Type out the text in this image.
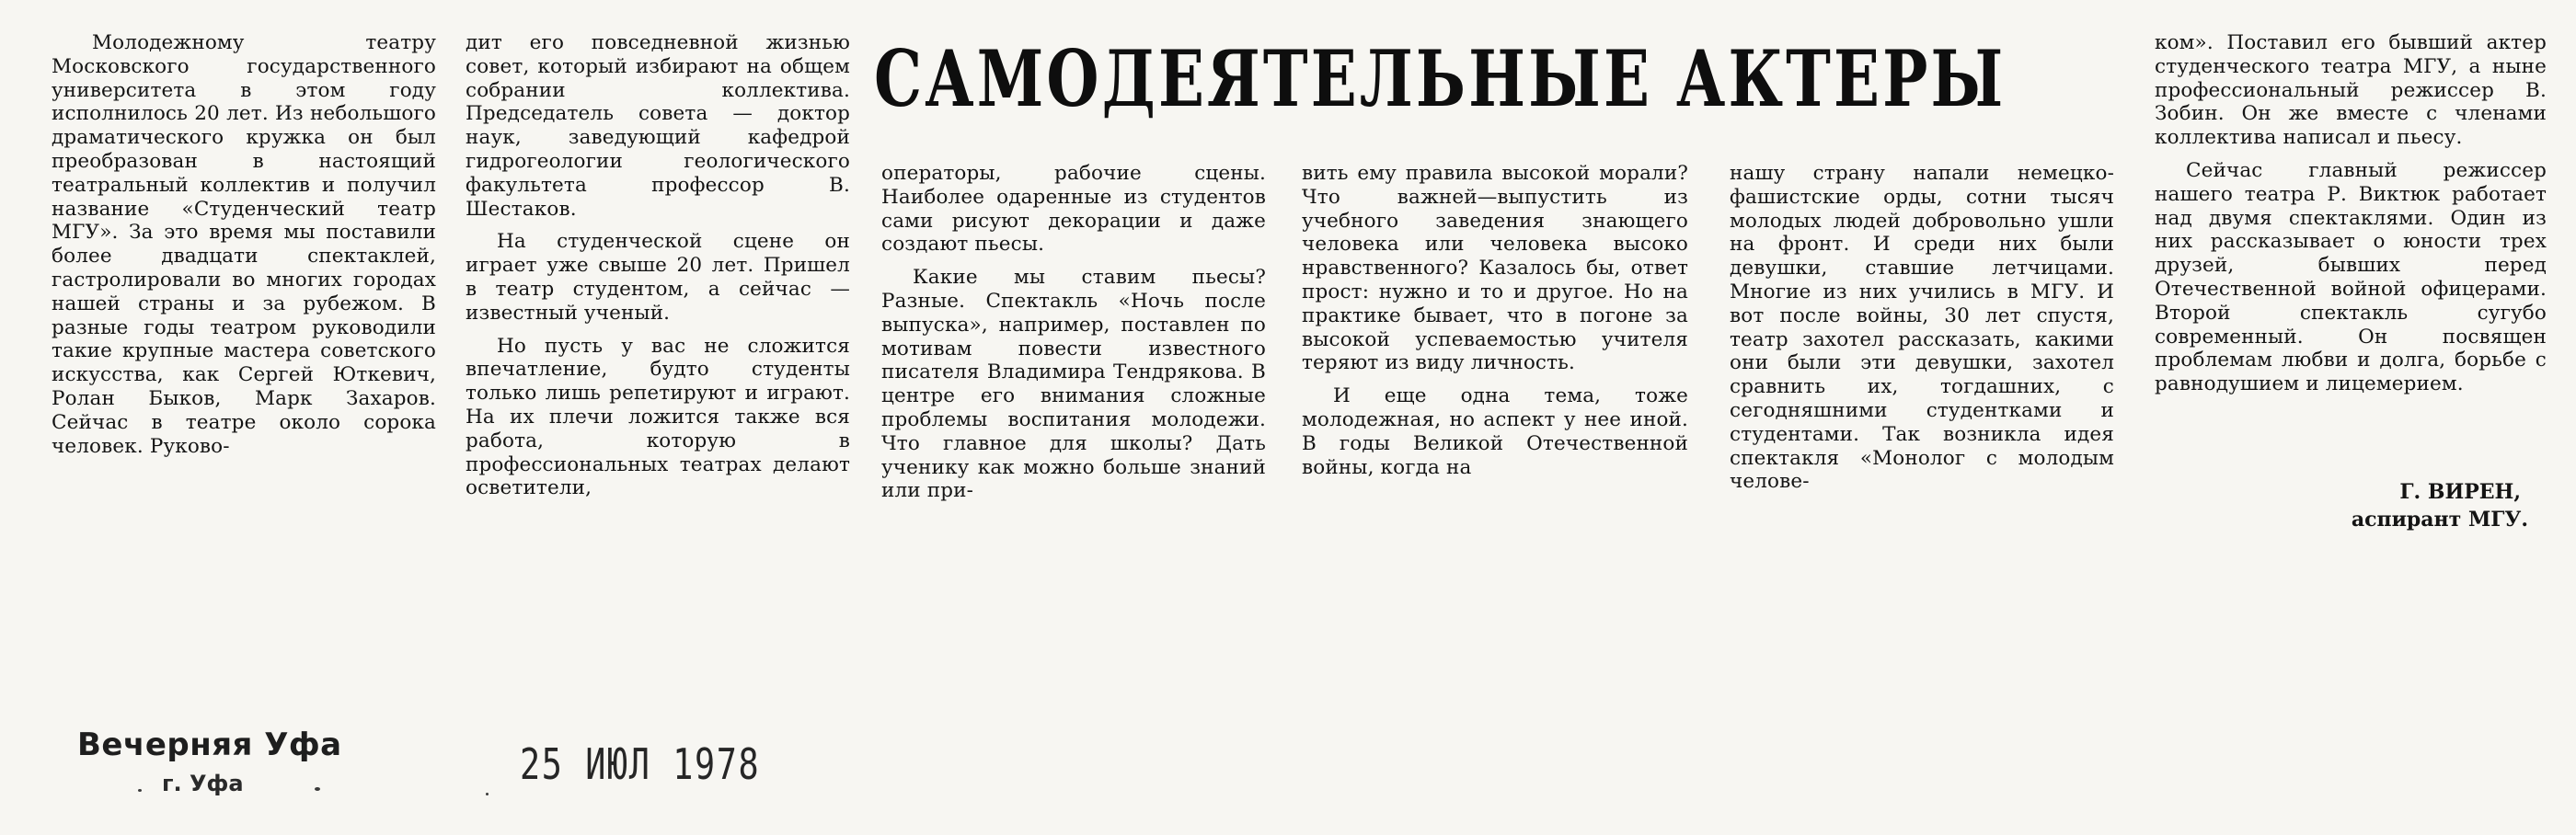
САМОДЕЯТЕЛЬНЫЕ АКТЕРЫ

Молодежному театру Московского государственного университета в этом году исполнилось 20 лет. Из небольшого драматического кружка он был преобразован в настоящий театральный коллектив и получил название «Студенческий театр МГУ». За это время мы поставили более двадцати спектаклей, гастролировали во многих городах нашей страны и за рубежом. В разные годы театром руководили такие крупные мастера советского искусства, как Сергей Юткевич, Ролан Быков, Марк Захаров. Сейчас в театре около сорока человек. Руково-

дит его повседневной жизнью совет, который избирают на общем собрании коллектива. Председатель совета — доктор наук, заведующий кафедрой гидрогеологии геологического факультета профессор В. Шестаков.

На студенческой сцене он играет уже свыше 20 лет. Пришел в театр студентом, а сейчас — известный ученый.

Но пусть у вас не сложится впечатление, будто студенты только лишь репетируют и играют. На их плечи ложится также вся работа, которую в профессиональных театрах делают осветители,

операторы, рабочие сцены. Наиболее одаренные из студентов сами рисуют декорации и даже создают пьесы.

Какие мы ставим пьесы? Разные. Спектакль «Ночь после выпуска», например, поставлен по мотивам повести известного писателя Владимира Тендрякова. В центре его внимания сложные проблемы воспитания молодежи. Что главное для школы? Дать ученику как можно больше знаний или при-

вить ему правила высокой морали? Что важней—выпустить из учебного заведения знающего человека или человека высоко нравственного? Казалось бы, ответ прост: нужно и то и другое. Но на практике бывает, что в погоне за высокой успеваемостью учителя теряют из виду личность.

И еще одна тема, тоже молодежная, но аспект у нее иной. В годы Великой Отечественной войны, когда на

нашу страну напали немецко-фашистские орды, сотни тысяч молодых людей добровольно ушли на фронт. И среди них были девушки, ставшие летчицами. Многие из них учились в МГУ. И вот после войны, 30 лет спустя, театр захотел рассказать, какими они были эти девушки, захотел сравнить их, тогдашних, с сегодняшними студентками и студентами. Так возникла идея спектакля «Монолог с молодым челове-

ком». Поставил его бывший актер студенческого театра МГУ, а ныне профессиональный режиссер В. Зобин. Он же вместе с членами коллектива написал и пьесу.

Сейчас главный режиссер нашего театра Р. Виктюк работает над двумя спектаклями. Один из них рассказывает о юности трех друзей, бывших перед Отечественной войной офицерами. Второй спектакль сугубо современный. Он посвящен проблемам любви и долга, борьбе с равнодушием и лицемерием.

Г. ВИРЕН,
аспирант МГУ.
Вечерняя Уфа
г. Уфа	25 ИЮЛ 1978
